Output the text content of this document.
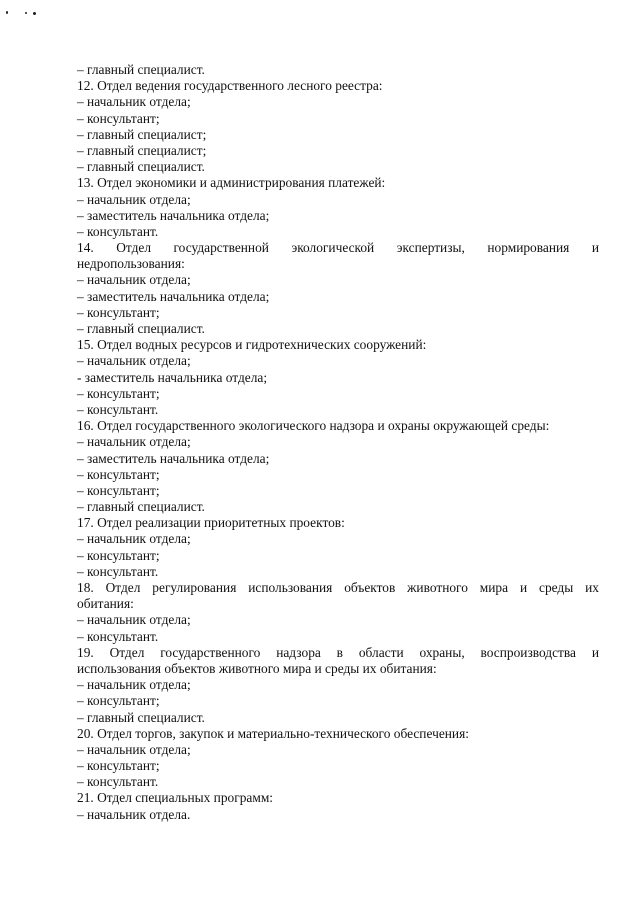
– главный специалист.
12. Отдел ведения государственного лесного реестра:
– начальник отдела;
– консультант;
– главный специалист;
– главный специалист;
– главный специалист.
13. Отдел экономики и администрирования платежей:
– начальник отдела;
– заместитель начальника отдела;
– консультант.
14. Отдел государственной экологической экспертизы, нормирования и
недропользования:
– начальник отдела;
– заместитель начальника отдела;
– консультант;
– главный специалист.
15. Отдел водных ресурсов и гидротехнических сооружений:
– начальник отдела;
- заместитель начальника отдела;
– консультант;
– консультант.
16. Отдел государственного экологического надзора и охраны окружающей среды:
– начальник отдела;
– заместитель начальника отдела;
– консультант;
– консультант;
– главный специалист.
17. Отдел реализации приоритетных проектов:
– начальник отдела;
– консультант;
– консультант.
18. Отдел регулирования использования объектов животного мира и среды их
обитания:
– начальник отдела;
– консультант.
19. Отдел государственного надзора в области охраны, воспроизводства и
использования объектов животного мира и среды их обитания:
– начальник отдела;
– консультант;
– главный специалист.
20. Отдел торгов, закупок и материально-технического обеспечения:
– начальник отдела;
– консультант;
– консультант.
21. Отдел специальных программ:
– начальник отдела.
